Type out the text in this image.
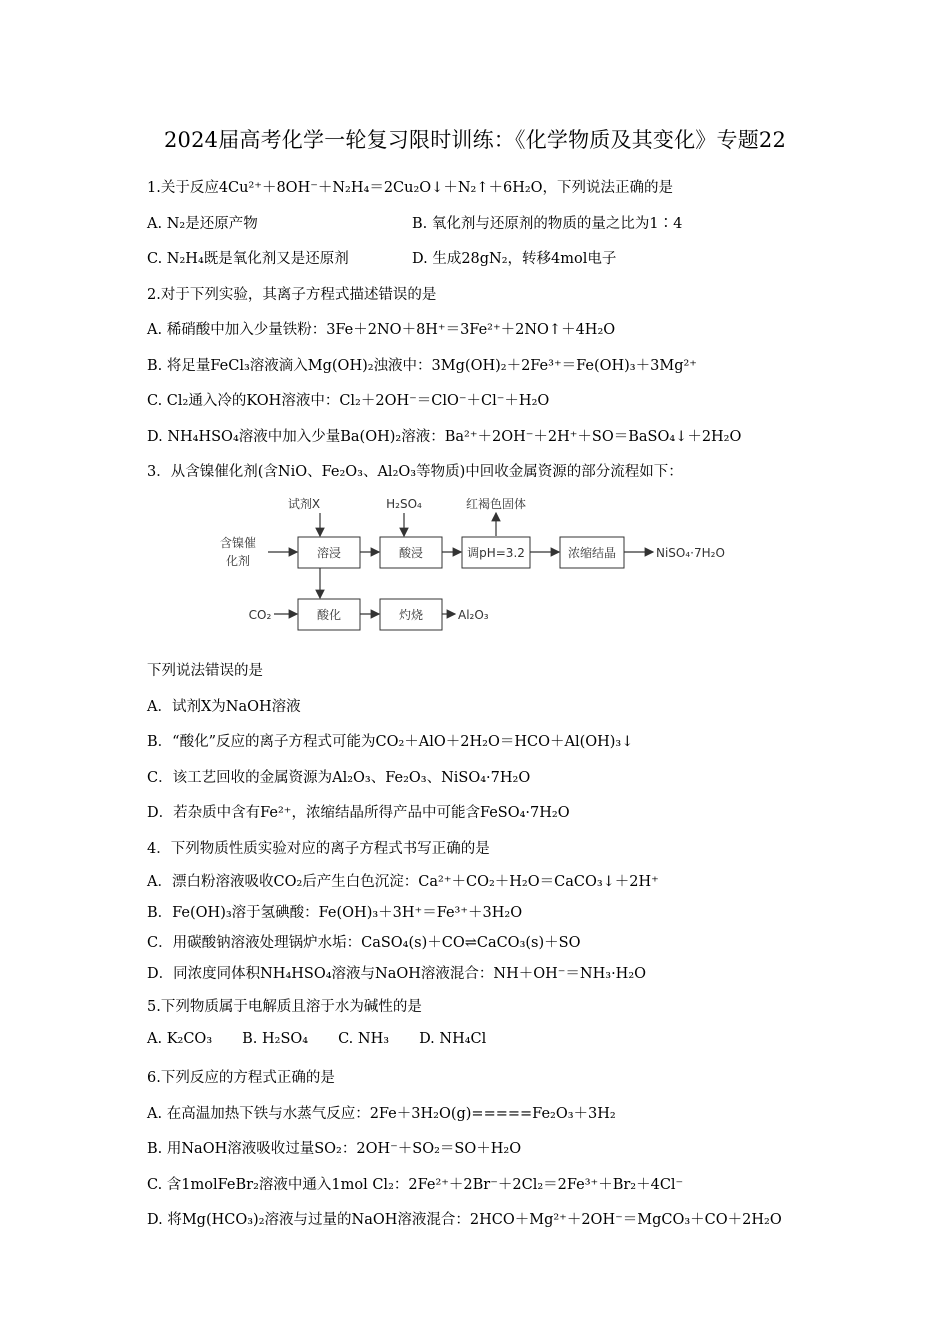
2024届高考化学一轮复习限时训练：《化学物质及其变化》专题22
1.关于反应4Cu²⁺＋8OH⁻＋N₂H₄＝2Cu₂O↓＋N₂↑＋6H₂O，下列说法正确的是
A. N₂是还原产物	B. 氧化剂与还原剂的物质的量之比为1∶4
C. N₂H₄既是氧化剂又是还原剂	D. 生成28gN₂，转移4mol电子
2.对于下列实验，其离子方程式描述错误的是
A. 稀硝酸中加入少量铁粉：3Fe＋2NO＋8H⁺＝3Fe²⁺＋2NO↑＋4H₂O
B. 将足量FeCl₃溶液滴入Mg(OH)₂浊液中：3Mg(OH)₂＋2Fe³⁺＝Fe(OH)₃＋3Mg²⁺
C. Cl₂通入冷的KOH溶液中：Cl₂＋2OH⁻＝ClO⁻＋Cl⁻＋H₂O
D. NH₄HSO₄溶液中加入少量Ba(OH)₂溶液：Ba²⁺＋2OH⁻＋2H⁺＋SO＝BaSO₄↓＋2H₂O
3．从含镍催化剂(含NiO、Fe₂O₃、Al₂O₃等物质)中回收金属资源的部分流程如下：
试剂X	H₂SO₄	红褐色固体
含镍催
化剂
溶浸	酸浸	调pH=3.2	浓缩结晶	NiSO₄·7H₂O
CO₂	酸化	灼烧	Al₂O₃
下列说法错误的是
A．试剂X为NaOH溶液
B．“酸化”反应的离子方程式可能为CO₂＋AlO＋2H₂O＝HCO＋Al(OH)₃↓
C．该工艺回收的金属资源为Al₂O₃、Fe₂O₃、NiSO₄·7H₂O
D．若杂质中含有Fe²⁺，浓缩结晶所得产品中可能含FeSO₄·7H₂O
4．下列物质性质实验对应的离子方程式书写正确的是
A．漂白粉溶液吸收CO₂后产生白色沉淀：Ca²⁺＋CO₂＋H₂O＝CaCO₃↓＋2H⁺
B．Fe(OH)₃溶于氢碘酸：Fe(OH)₃＋3H⁺＝Fe³⁺＋3H₂O
C．用碳酸钠溶液处理锅炉水垢：CaSO₄(s)＋CO⇌CaCO₃(s)＋SO
D．同浓度同体积NH₄HSO₄溶液与NaOH溶液混合：NH＋OH⁻＝NH₃·H₂O
5.下列物质属于电解质且溶于水为碱性的是
A. K₂CO₃ B. H₂SO₄ C. NH₃ D. NH₄Cl
6.下列反应的方程式正确的是
A. 在高温加热下铁与水蒸气反应：2Fe＋3H₂O(g)=====Fe₂O₃＋3H₂
B. 用NaOH溶液吸收过量SO₂：2OH⁻＋SO₂＝SO＋H₂O
C. 含1molFeBr₂溶液中通入1mol Cl₂：2Fe²⁺＋2Br⁻＋2Cl₂＝2Fe³⁺＋Br₂＋4Cl⁻
D. 将Mg(HCO₃)₂溶液与过量的NaOH溶液混合：2HCO＋Mg²⁺＋2OH⁻＝MgCO₃＋CO＋2H₂O
